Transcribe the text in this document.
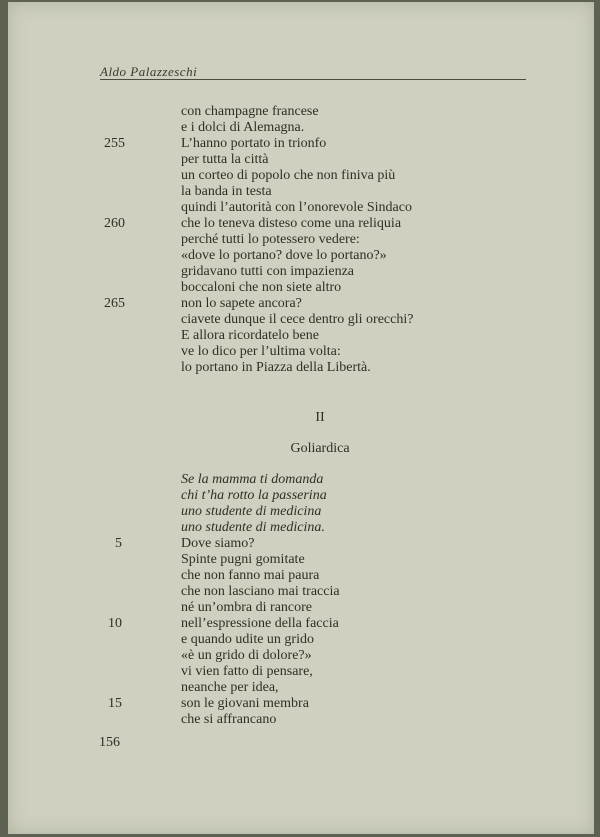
Aldo Palazzeschi
con champagne francese
e i dolci di Alemagna.
L’hanno portato in trionfo
per tutta la città
un corteo di popolo che non finiva più
la banda in testa
quindi l’autorità con l’onorevole Sindaco
che lo teneva disteso come una reliquia
perché tutti lo potessero vedere:
«dove lo portano? dove lo portano?»
gridavano tutti con impazienza
boccaloni che non siete altro
non lo sapete ancora?
ciavete dunque il cece dentro gli orecchi?
E allora ricordatelo bene
ve lo dico per l’ultima volta:
lo portano in Piazza della Libertà.
255
260
265
II
Goliardica
Se la mamma ti domanda
chi t’ha rotto la passerina
uno studente di medicina
uno studente di medicina.
Dove siamo?
Spinte pugni gomitate
che non fanno mai paura
che non lasciano mai traccia
né un’ombra di rancore
nell’espressione della faccia
e quando udite un grido
«è un grido di dolore?»
vi vien fatto di pensare,
neanche per idea,
son le giovani membra
che si affrancano
5
10
15
156
